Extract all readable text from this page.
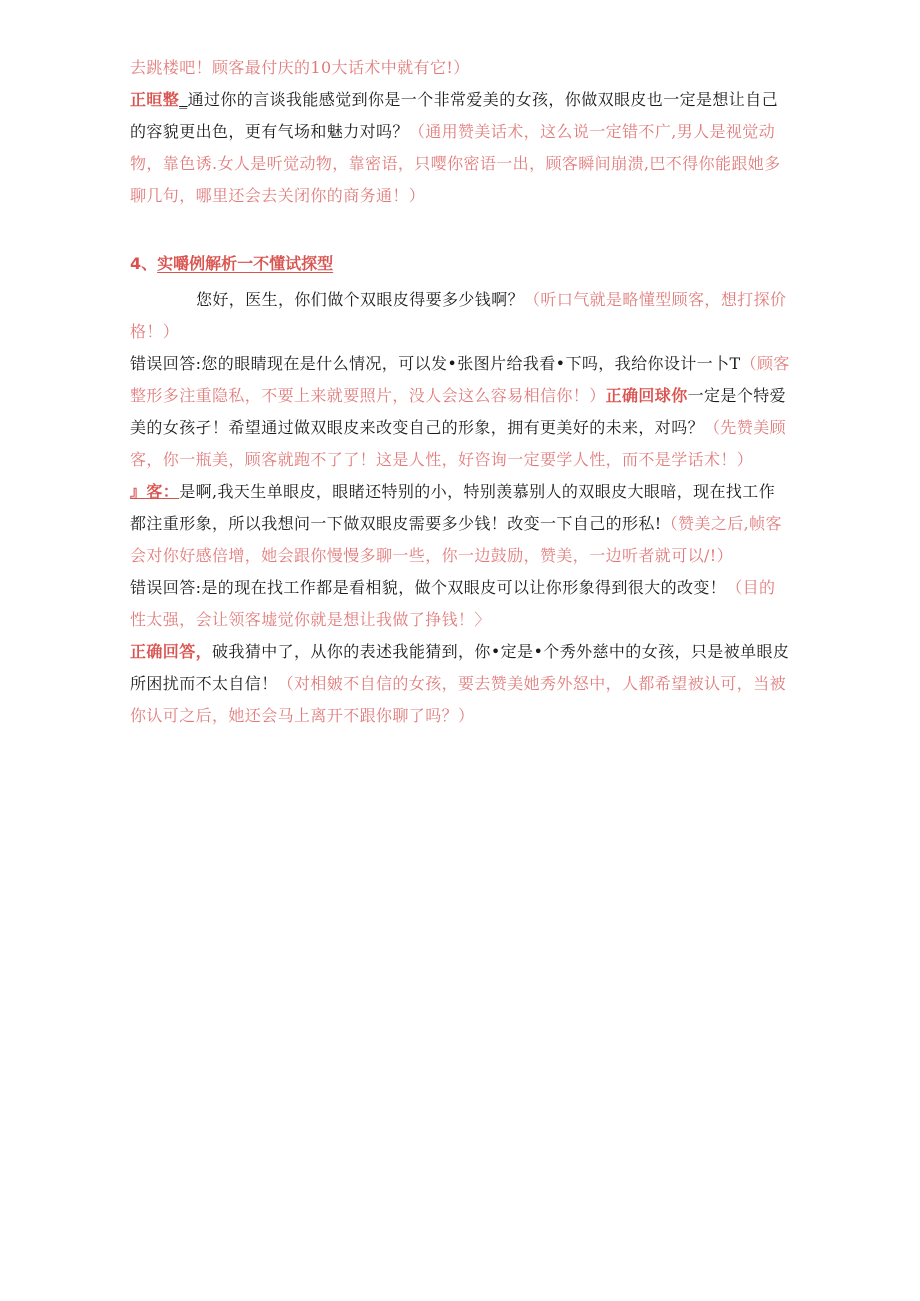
去跳楼吧！顾客最付庆的10大话术中就有它!）

正晅整_通过你的言谈我能感觉到你是一个非常爱美的女孩，你做双眼皮也一定是想让自己的容貌更出色，更有气场和魅力对吗？（通用赞美话术，这么说一定错不广,男人是视觉动物，靠色诱.女人是听觉动物，靠密语，只嘤你密语一出，顾客瞬间崩溃,巴不得你能跟她多聊几句，哪里还会去关闭你的商务通！）

4、实嚼例解析一不懂试探型

您好，医生，你们做个双眼皮得要多少钱啊？（听口气就是略懂型顾客，想打探价格！）

错误回答:您的眼睛现在是什么情况，可以发•张图片给我看•下吗，我给你设计一卜T（顾客整形多注重隐私，不要上来就要照片，没人会这么容易相信你！）正确回球你一定是个特爱美的女孩孑！希望通过做双眼皮来改变自己的形象，拥有更美好的未来，对吗？（先赞美顾客，你一瓶美，顾客就跑不了了！这是人性，好咨询一定要学人性，而不是学话术！）

』客：是啊,我天生单眼皮，眼睹还特别的小，特别羡慕别人的双眼皮大眼暗，现在找工作都注重形象，所以我想问一下做双眼皮需要多少钱！改变一下自己的形私!（赞美之后,帧客会对你好感倍增，她会跟你慢慢多聊一些，你一边鼓励，赞美，一边听者就可以/!）

错误回答:是的现在找工作都是看相貌，做个双眼皮可以让你形象得到很大的改变！（目的性太强，会让领客墟觉你就是想让我做了挣钱！〉

正确回答，破我猜中了，从你的表述我能猜到，你•定是•个秀外慈中的女孩，只是被单眼皮所困扰而不太自信！（对相皴不自信的女孩，要去赞美她秀外怒中，人都希望被认可，当被你认可之后，她还会马上离开不跟你聊了吗？）
